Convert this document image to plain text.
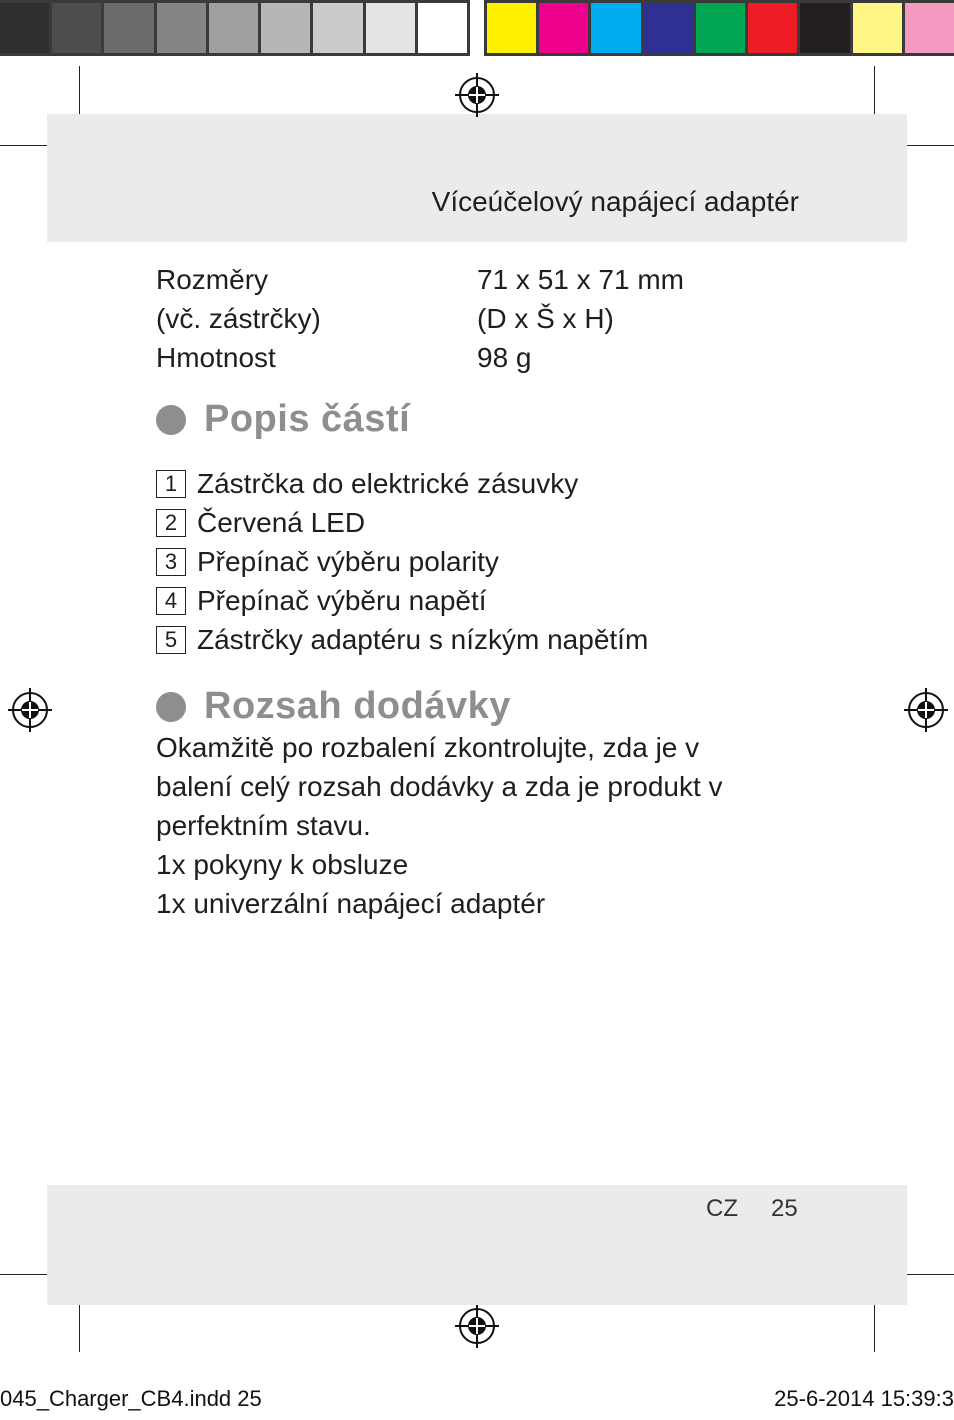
Víceúčelový napájecí adaptér
Rozměry	71 x 51 x 71 mm
(vč. zástrčky)	(D x Š x H)
Hmotnost	98 g
Popis částí
1 Zástrčka do elektrické zásuvky
2 Červená LED
3 Přepínač výběru polarity
4 Přepínač výběru napětí
5 Zástrčky adaptéru s nízkým napětím
Rozsah dodávky
Okamžitě po rozbalení zkontrolujte, zda je v
balení celý rozsah dodávky a zda je produkt v
perfektním stavu.
1x pokyny k obsluze
1x univerzální napájecí adaptér
CZ 25
045_Charger_CB4.indd 25	25-6-2014 15:39:3
